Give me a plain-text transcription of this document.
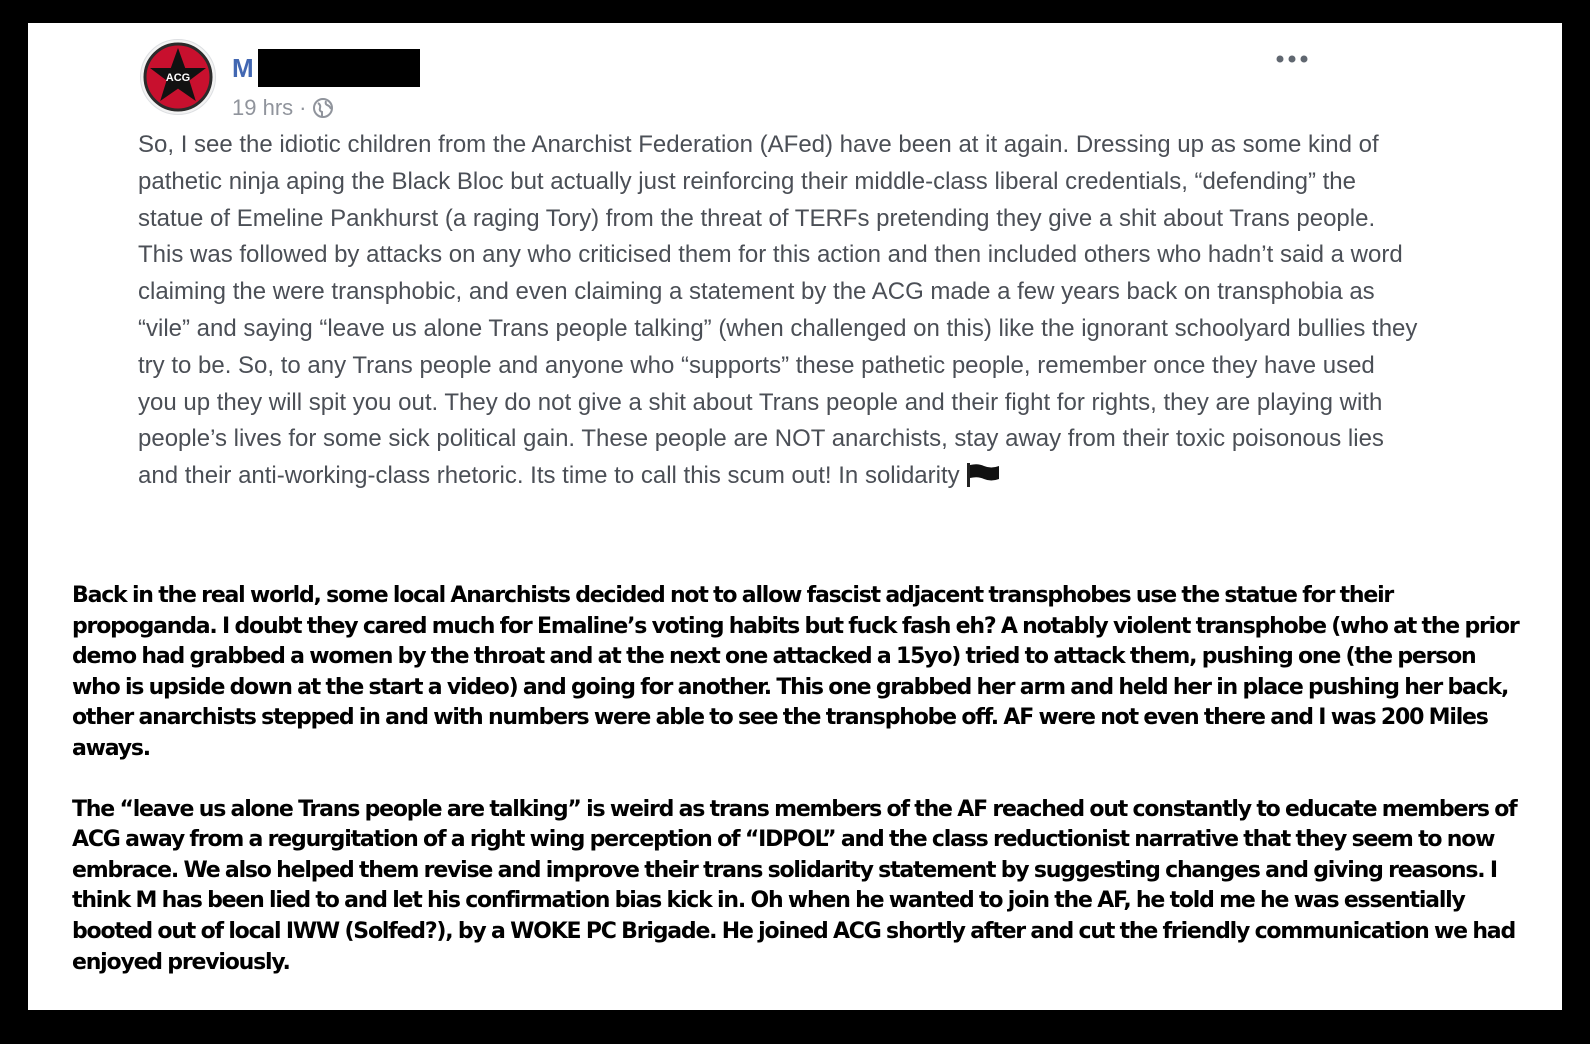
ACG M
19 hrs ·

So, I see the idiotic children from the Anarchist Federation (AFed) have been at it again. Dressing up as some kind of pathetic ninja aping the Black Bloc but actually just reinforcing their middle-class liberal credentials, “defending” the statue of Emeline Pankhurst (a raging Tory) from the threat of TERFs pretending they give a shit about Trans people. This was followed by attacks on any who criticised them for this action and then included others who hadn’t said a word claiming the were transphobic, and even claiming a statement by the ACG made a few years back on transphobia as “vile” and saying “leave us alone Trans people talking” (when challenged on this) like the ignorant schoolyard bullies they try to be. So, to any Trans people and anyone who “supports” these pathetic people, remember once they have used you up they will spit you out. They do not give a shit about Trans people and their fight for rights, they are playing with people’s lives for some sick political gain. These people are NOT anarchists, stay away from their toxic poisonous lies and their anti-working-class rhetoric. Its time to call this scum out! In solidarity

Back in the real world, some local Anarchists decided not to allow fascist adjacent transphobes use the statue for their propoganda. I doubt they cared much for Emaline’s voting habits but fuck fash eh? A notably violent transphobe (who at the prior demo had grabbed a women by the throat and at the next one attacked a 15yo) tried to attack them, pushing one (the person who is upside down at the start a video) and going for another. This one grabbed her arm and held her in place pushing her back, other anarchists stepped in and with numbers were able to see the transphobe off. AF were not even there and I was 200 Miles aways.

The “leave us alone Trans people are talking” is weird as trans members of the AF reached out constantly to educate members of ACG away from a regurgitation of a right wing perception of “IDPOL” and the class reductionist narrative that they seem to now embrace. We also helped them revise and improve their trans solidarity statement by suggesting changes and giving reasons. I think M has been lied to and let his confirmation bias kick in. Oh when he wanted to join the AF, he told me he was essentially booted out of local IWW (Solfed?), by a WOKE PC Brigade. He joined ACG shortly after and cut the friendly communication we had enjoyed previously.
